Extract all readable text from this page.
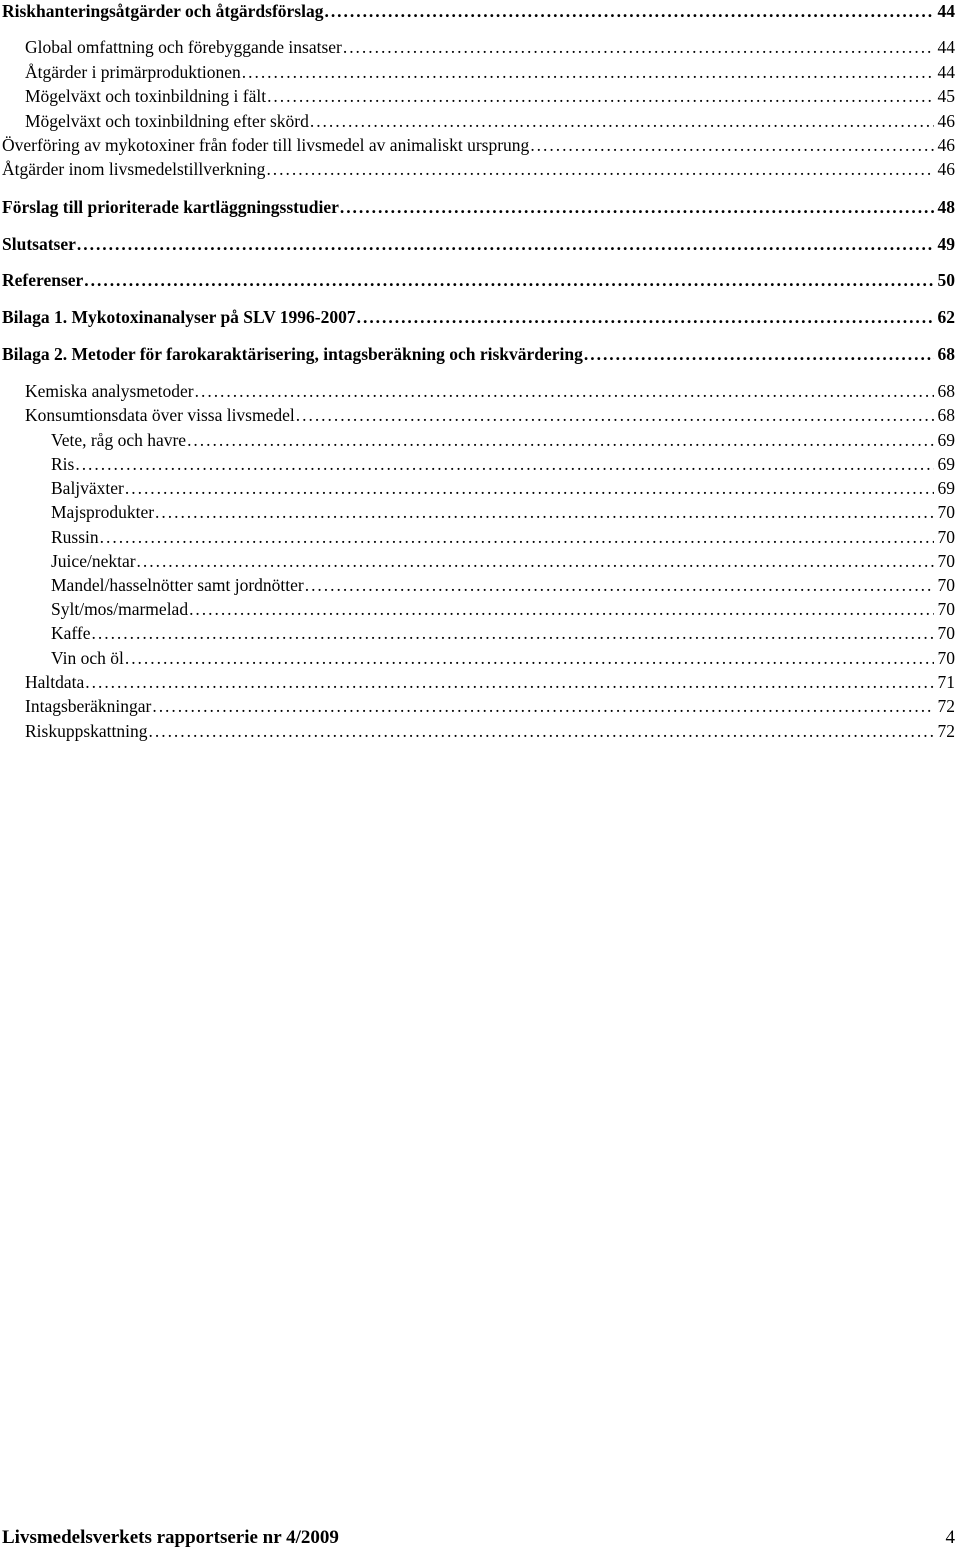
Riskhanteringsåtgärder och åtgärdsförslag . . .	44
Global omfattning och förebyggande insatser . . .	44
Åtgärder i primärproduktionen . . .	44
Mögelväxt och toxinbildning i fält . . .	45
Mögelväxt och toxinbildning efter skörd . . .	46
Överföring av mykotoxiner från foder till livsmedel av animaliskt ursprung . . .	46
Åtgärder inom livsmedelstillverkning . . .	46
Förslag till prioriterade kartläggningsstudier . . .	48
Slutsatser . . .	49
Referenser . . .	50
Bilaga 1. Mykotoxinanalyser på SLV 1996-2007 . . .	62
Bilaga 2. Metoder för farokaraktärisering, intagsberäkning och riskvärdering . . .	68
Kemiska analysmetoder . . .	68
Konsumtionsdata över vissa livsmedel . . .	68
Vete, råg och havre . . .	69
Ris . . .	69
Baljväxter . . .	69
Majsprodukter . . .	70
Russin . . .	70
Juice/nektar . . .	70
Mandel/hasselnötter samt jordnötter . . .	70
Sylt/mos/marmelad . . .	70
Kaffe . . .	70
Vin och öl . . .	70
Haltdata . . .	71
Intagsberäkningar . . .	72
Riskuppskattning . . .	72
Livsmedelsverkets rapportserie nr 4/2009	4
